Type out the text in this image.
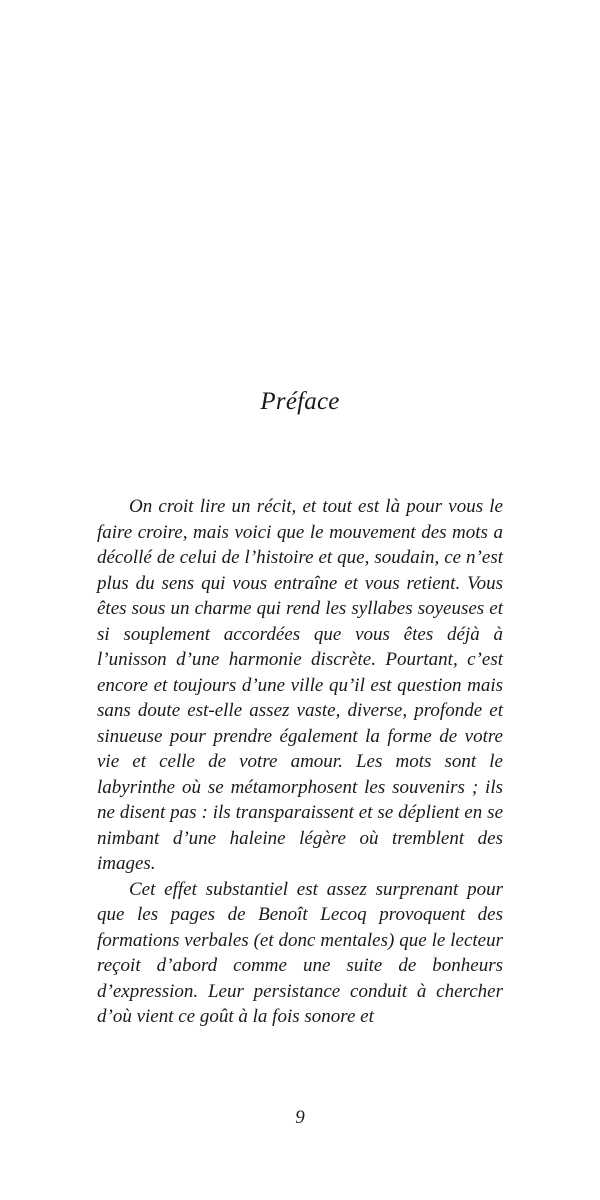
Préface

On croit lire un récit, et tout est là pour vous le faire croire, mais voici que le mouvement des mots a décollé de celui de l’histoire et que, soudain, ce n’est plus du sens qui vous entraîne et vous retient. Vous êtes sous un charme qui rend les syllabes soyeuses et si souplement accordées que vous êtes déjà à l’unisson d’une harmonie discrète. Pourtant, c’est encore et toujours d’une ville qu’il est question mais sans doute est-elle assez vaste, diverse, profonde et sinueuse pour prendre également la forme de votre vie et celle de votre amour. Les mots sont le labyrinthe où se métamorphosent les souvenirs ; ils ne disent pas : ils transparaissent et se déplient en se nimbant d’une haleine légère où tremblent des images.

Cet effet substantiel est assez surprenant pour que les pages de Benoît Lecoq provoquent des formations verbales (et donc mentales) que le lecteur reçoit d’abord comme une suite de bonheurs d’expression. Leur persistance conduit à chercher d’où vient ce goût à la fois sonore et

9
